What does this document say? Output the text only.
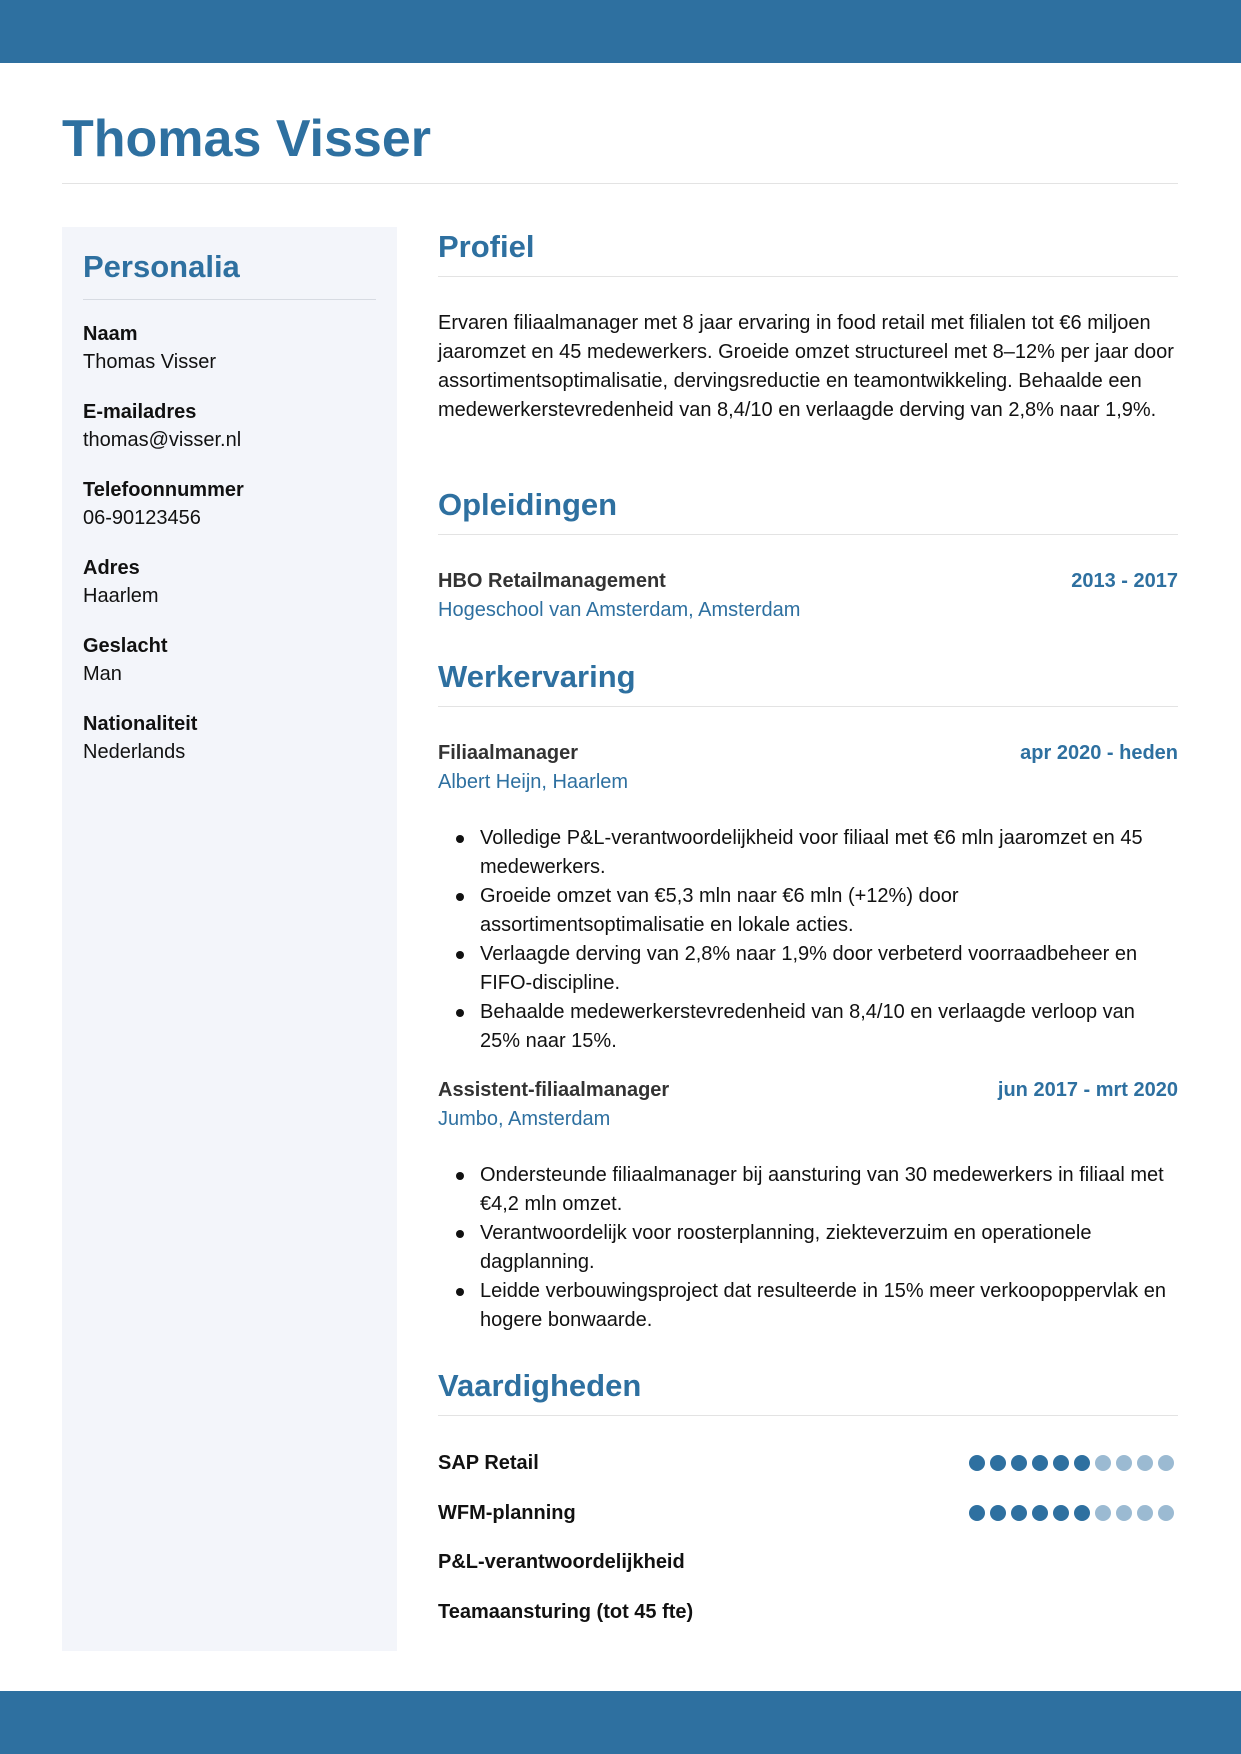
Thomas Visser
Personalia
Naam
Thomas Visser
E-mailadres
thomas@visser.nl
Telefoonnummer
06-90123456
Adres
Haarlem
Geslacht
Man
Nationaliteit
Nederlands
Profiel
Ervaren filiaalmanager met 8 jaar ervaring in food retail met filialen tot €6 miljoen jaaromzet en 45 medewerkers. Groeide omzet structureel met 8–12% per jaar door assortimentsoptimalisatie, dervingsreductie en teamontwikkeling. Behaalde een medewerkerstevredenheid van 8,4/10 en verlaagde derving van 2,8% naar 1,9%.
Opleidingen
HBO Retailmanagement	2013 - 2017
Hogeschool van Amsterdam, Amsterdam
Werkervaring
Filiaalmanager	apr 2020 - heden
Albert Heijn, Haarlem
Volledige P&L-verantwoordelijkheid voor filiaal met €6 mln jaaromzet en 45 medewerkers.
Groeide omzet van €5,3 mln naar €6 mln (+12%) door assortimentsoptimalisatie en lokale acties.
Verlaagde derving van 2,8% naar 1,9% door verbeterd voorraadbeheer en FIFO-discipline.
Behaalde medewerkerstevredenheid van 8,4/10 en verlaagde verloop van 25% naar 15%.
Assistent-filiaalmanager	jun 2017 - mrt 2020
Jumbo, Amsterdam
Ondersteunde filiaalmanager bij aansturing van 30 medewerkers in filiaal met €4,2 mln omzet.
Verantwoordelijk voor roosterplanning, ziekteverzuim en operationele dagplanning.
Leidde verbouwingsproject dat resulteerde in 15% meer verkoopoppervlak en hogere bonwaarde.
Vaardigheden
SAP Retail
WFM-planning
P&L-verantwoordelijkheid
Teamaansturing (tot 45 fte)
